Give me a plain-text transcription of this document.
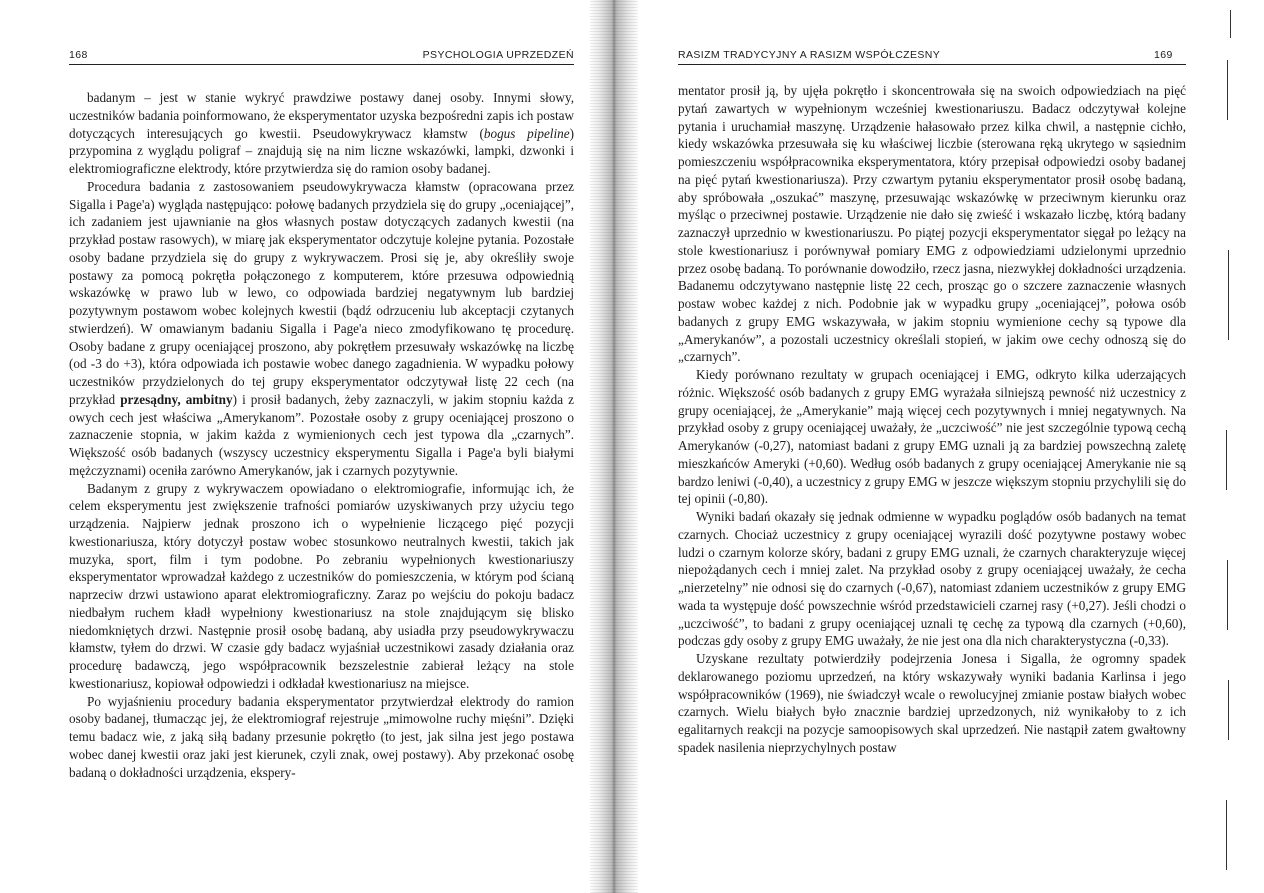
168	PSYCHOLOGIA UPRZEDZEŃ

badanym – jest w stanie wykryć prawdziwe postawy danej osoby. Innymi słowy, uczestników badania poinformowano, że eksperymentator uzyska bezpośredni zapis ich postaw dotyczących interesujących go kwestii. Pseudowykrywacz kłamstw (bogus pipeline) przypomina z wyglądu poligraf – znajdują się na nim liczne wskazówki, lampki, dzwonki i elektromiograficzne elektrody, które przytwierdza się do ramion osoby badanej.

Procedura badania z zastosowaniem pseudowykrywacza kłamstw (opracowana przez Sigalla i Page'a) wygląda następująco: połowę badanych przydziela się do grupy „oceniającej”, ich zadaniem jest ujawnianie na głos własnych postaw dotyczących zadanych kwestii (na przykład postaw rasowych), w miarę jak eksperymentator odczytuje kolejne pytania. Pozostałe osoby badane przydziela się do grupy z wykrywaczem. Prosi się je, aby określiły swoje postawy za pomocą pokrętła połączonego z komputerem, które przesuwa odpowiednią wskazówkę w prawo lub w lewo, co odpowiada bardziej negatywnym lub bardziej pozytywnym postawom wobec kolejnych kwestii (bądź odrzuceniu lub akceptacji czytanych stwierdzeń). W omawianym badaniu Sigalla i Page'a nieco zmodyfikowano tę procedurę. Osoby badane z grupy oceniającej proszono, aby pokrętłem przesuwały wskazówkę na liczbę (od -3 do +3), która odpowiada ich postawie wobec danego zagadnienia. W wypadku połowy uczestników przydzielonych do tej grupy eksperymentator odczytywał listę 22 cech (na przykład przesądny, ambitny) i prosił badanych, żeby zaznaczyli, w jakim stopniu każda z owych cech jest właściwa „Amerykanom”. Pozostałe osoby z grupy oceniającej proszono o zaznaczenie stopnia, w jakim każda z wymienionych cech jest typowa dla „czarnych”. Większość osób badanych (wszyscy uczestnicy eksperymentu Sigalla i Page'a byli białymi mężczyznami) oceniła zarówno Amerykanów, jak i czarnych pozytywnie.

Badanym z grupy z wykrywaczem opowiadano o elektromiografie, informując ich, że celem eksperymentu jest zwiększenie trafności pomiarów uzyskiwanych przy użyciu tego urządzenia. Najpierw jednak proszono ich o wypełnienie liczącego pięć pozycji kwestionariusza, który dotyczył postaw wobec stosunkowo neutralnych kwestii, takich jak muzyka, sport, film i tym podobne. Po zebraniu wypełnionych kwestionariuszy eksperymentator wprowadzał każdego z uczestników do pomieszczenia, w którym pod ścianą naprzeciw drzwi ustawiono aparat elektromiograficzny. Zaraz po wejściu do pokoju badacz niedbałym ruchem kładł wypełniony kwestionariusz na stole znajdującym się blisko niedomkniętych drzwi. Następnie prosił osobę badaną, aby usiadła przy pseudowykrywaczu kłamstw, tyłem do drzwi. W czasie gdy badacz wyjaśniał uczestnikowi zasady działania oraz procedurę badawczą, jego współpracownik bezszelestnie zabierał leżący na stole kwestionariusz, kopiował odpowiedzi i odkładał kwestionariusz na miejsce.

Po wyjaśnieniu procedury badania eksperymentator przytwierdzał elektrody do ramion osoby badanej, tłumacząc jej, że elektromiograf rejestruje „mimowolne ruchy mięśni”. Dzięki temu badacz wie, z jaką siłą badany przesunie pokrętło (to jest, jak silna jest jego postawa wobec danej kwestii oraz jaki jest kierunek, czyli znak, owej postawy). Aby przekonać osobę badaną o dokładności urządzenia, ekspery-

RASIZM TRADYCYJNY A RASIZM WSPÓŁCZESNY	169

mentator prosił ją, by ujęła pokrętło i skoncentrowała się na swoich odpowiedziach na pięć pytań zawartych w wypełnionym wcześniej kwestionariuszu. Badacz odczytywał kolejne pytania i uruchamiał maszynę. Urządzenie hałasowało przez kilka chwil, a następnie cichło, kiedy wskazówka przesuwała się ku właściwej liczbie (sterowana ręką ukrytego w sąsiednim pomieszczeniu współpracownika eksperymentatora, który przepisał odpowiedzi osoby badanej na pięć pytań kwestionariusza). Przy czwartym pytaniu eksperymentator prosił osobę badaną, aby spróbowała „oszukać” maszynę, przesuwając wskazówkę w przeciwnym kierunku oraz myśląc o przeciwnej postawie. Urządzenie nie dało się zwieść i wskazało liczbę, którą badany zaznaczył uprzednio w kwestionariuszu. Po piątej pozycji eksperymentator sięgał po leżący na stole kwestionariusz i porównywał pomiary EMG z odpowiedziami udzielonymi uprzednio przez osobę badaną. To porównanie dowodziło, rzecz jasna, niezwykłej dokładności urządzenia. Badanemu odczytywano następnie listę 22 cech, prosząc go o szczere zaznaczenie własnych postaw wobec każdej z nich. Podobnie jak w wypadku grupy „oceniającej”, połowa osób badanych z grupy EMG wskazywała, w jakim stopniu wymienione cechy są typowe dla „Amerykanów”, a pozostali uczestnicy określali stopień, w jakim owe cechy odnoszą się do „czarnych”.

Kiedy porównano rezultaty w grupach oceniającej i EMG, odkryto kilka uderzających różnic. Większość osób badanych z grupy EMG wyrażała silniejszą pewność niż uczestnicy z grupy oceniającej, że „Amerykanie” mają więcej cech pozytywnych i mniej negatywnych. Na przykład osoby z grupy oceniającej uważały, że „uczciwość” nie jest szczególnie typową cechą Amerykanów (-0,27), natomiast badani z grupy EMG uznali ją za bardziej powszechną zaletę mieszkańców Ameryki (+0,60). Według osób badanych z grupy oceniającej Amerykanie nie są bardzo leniwi (-0,40), a uczestnicy z grupy EMG w jeszcze większym stopniu przychylili się do tej opinii (-0,80).

Wyniki badań okazały się jednak odmienne w wypadku poglądów osób badanych na temat czarnych. Chociaż uczestnicy z grupy oceniającej wyrazili dość pozytywne postawy wobec ludzi o czarnym kolorze skóry, badani z grupy EMG uznali, że czarnych charakteryzuje więcej niepożądanych cech i mniej zalet. Na przykład osoby z grupy oceniającej uważały, że cecha „nierzetelny” nie odnosi się do czarnych (-0,67), natomiast zdaniem uczestników z grupy EMG wada ta występuje dość powszechnie wśród przedstawicieli czarnej rasy (+0,27). Jeśli chodzi o „uczciwość”, to badani z grupy oceniającej uznali tę cechę za typową dla czarnych (+0,60), podczas gdy osoby z grupy EMG uważały, że nie jest ona dla nich charakterystyczna (-0,33).

Uzyskane rezultaty potwierdziły podejrzenia Jonesa i Sigalla, że ogromny spadek deklarowanego poziomu uprzedzeń, na który wskazywały wyniki badania Karlinsa i jego współpracowników (1969), nie świadczył wcale o rewolucyjnej zmianie postaw białych wobec czarnych. Wielu białych było znacznie bardziej uprzedzonych, niż wynikałoby to z ich egalitarnych reakcji na pozycje samoopisowych skal uprzedzeń. Nie nastąpił zatem gwałtowny spadek nasilenia nieprzychylnych postaw
